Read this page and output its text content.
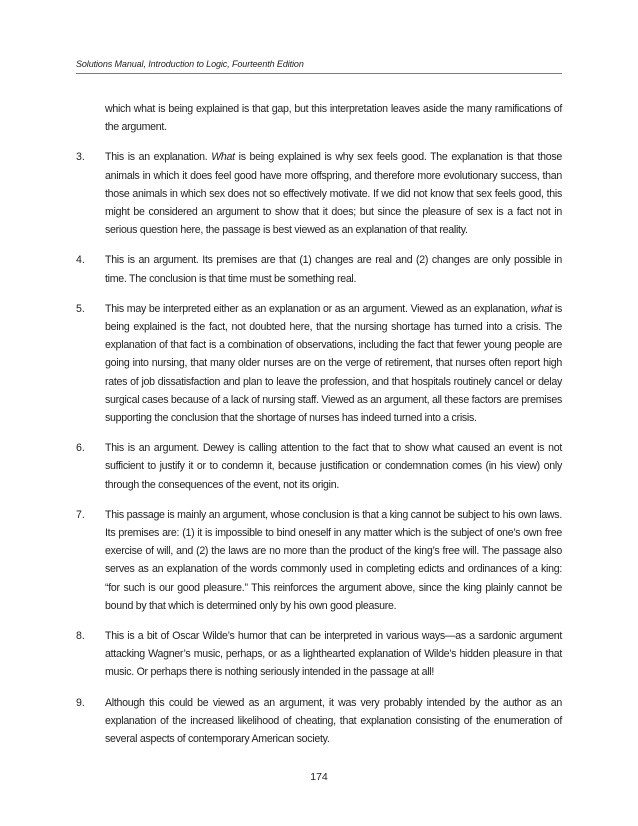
Solutions Manual, Introduction to Logic, Fourteenth Edition

which what is being explained is that gap, but this interpretation leaves aside the many ramifications of the argument.

3.	This is an explanation. What is being explained is why sex feels good. The explanation is that those animals in which it does feel good have more offspring, and therefore more evolutionary success, than those animals in which sex does not so effectively motivate. If we did not know that sex feels good, this might be considered an argument to show that it does; but since the pleasure of sex is a fact not in serious question here, the passage is best viewed as an explanation of that reality.

4.	This is an argument. Its premises are that (1) changes are real and (2) changes are only possible in time. The conclusion is that time must be something real.

5.	This may be interpreted either as an explanation or as an argument. Viewed as an explanation, what is being explained is the fact, not doubted here, that the nursing shortage has turned into a crisis. The explanation of that fact is a combination of observations, including the fact that fewer young people are going into nursing, that many older nurses are on the verge of retirement, that nurses often report high rates of job dissatisfaction and plan to leave the profession, and that hospitals routinely cancel or delay surgical cases because of a lack of nursing staff. Viewed as an argument, all these factors are premises supporting the conclusion that the shortage of nurses has indeed turned into a crisis.

6.	This is an argument. Dewey is calling attention to the fact that to show what caused an event is not sufficient to justify it or to condemn it, because justification or condemnation comes (in his view) only through the consequences of the event, not its origin.

7.	This passage is mainly an argument, whose conclusion is that a king cannot be subject to his own laws. Its premises are: (1) it is impossible to bind oneself in any matter which is the subject of one’s own free exercise of will, and (2) the laws are no more than the product of the king’s free will. The passage also serves as an explanation of the words commonly used in completing edicts and ordinances of a king: “for such is our good pleasure.” This reinforces the argument above, since the king plainly cannot be bound by that which is determined only by his own good pleasure.

8.	This is a bit of Oscar Wilde’s humor that can be interpreted in various ways—as a sardonic argument attacking Wagner’s music, perhaps, or as a lighthearted explanation of Wilde’s hidden pleasure in that music. Or perhaps there is nothing seriously intended in the passage at all!

9.	Although this could be viewed as an argument, it was very probably intended by the author as an explanation of the increased likelihood of cheating, that explanation consisting of the enumeration of several aspects of contemporary American society.

174
